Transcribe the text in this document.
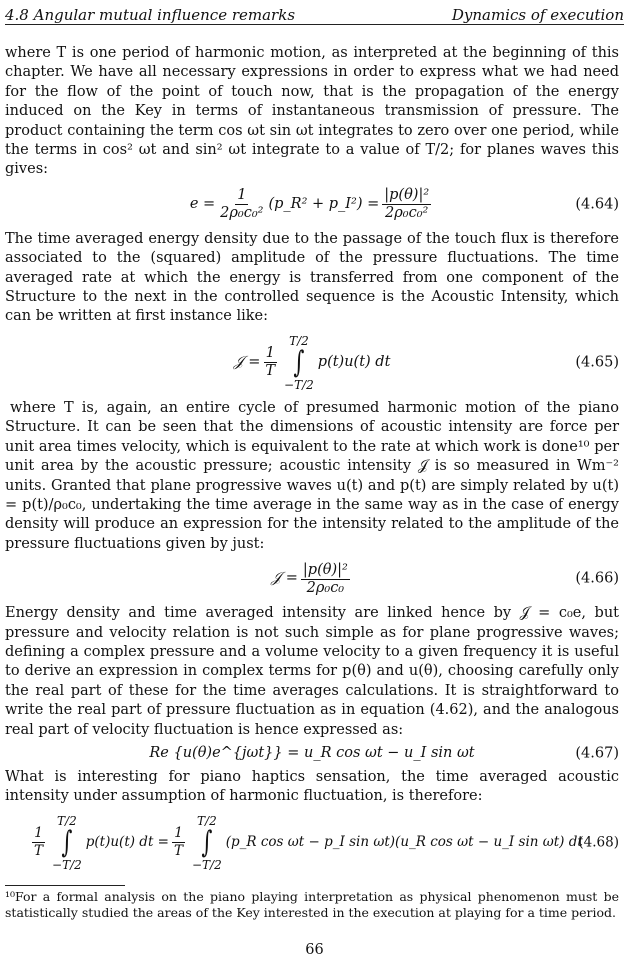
4.8 Angular mutual influence remarks	Dynamics of execution

where T is one period of harmonic motion, as interpreted at the beginning of this chapter. We have all necessary expressions in order to express what we had need for the flow of the point of touch now, that is the propagation of the energy induced on the Key in terms of instantaneous transmission of pressure. The product containing the term cos ωt sin ωt integrates to zero over one period, while the terms in cos² ωt and sin² ωt integrate to a value of T/2; for planes waves this gives:

$e = \frac{1}{\text{2ρ₀c₀²}}$ (p_R² + p_I²) = $\frac{\text{|p(θ)|²}}{\text{2ρ₀c₀²}}$	(4.64)

The time averaged energy density due to the passage of the touch flux is therefore associated to the (squared) amplitude of the pressure fluctuations. The time averaged rate at which the energy is transferred from one component of the Structure to the next in the controlled sequence is the Acoustic Intensity, which can be written at first instance like:

𝒥 = $\frac{1}{T}$
T/2
∫
−T/2
p(t)u(t) dt	(4.65)

where T is, again, an entire cycle of presumed harmonic motion of the piano Structure. It can be seen that the dimensions of acoustic intensity are force per unit area times velocity, which is equivalent to the rate at which work is done¹⁰ per unit area by the acoustic pressure; acoustic intensity 𝒥 is so measured in Wm⁻² units. Granted that plane progressive waves u(t) and p(t) are simply related by u(t) = p(t)/ρ₀c₀, undertaking the time average in the same way as in the case of energy density will produce an expression for the intensity related to the amplitude of the pressure fluctuations given by just:

𝒥 = $\frac{\text{|p(θ)|²}}{\text{2ρ₀c₀}}$	(4.66)

Energy density and time averaged intensity are linked hence by 𝒥 = c₀e, but pressure and velocity relation is not such simple as for plane progressive waves; defining a complex pressure and a volume velocity to a given frequency it is useful to derive an expression in complex terms for p(θ) and u(θ), choosing carefully only the real part of these for the time averages calculations. It is straightforward to write the real part of pressure fluctuation as in equation (4.62), and the analogous real part of velocity fluctuation is hence expressed as:

Re {u(θ)e^{jωt}} = u_R cos ωt − u_I sin ωt	(4.67)

What is interesting for piano haptics sensation, the time averaged acoustic intensity under assumption of harmonic fluctuation, is therefore:

$\frac{1}{T}$
T/2
∫
−T/2
p(t)u(t) dt = $\frac{1}{T}$
T/2
∫
−T/2
(p_R cos ωt − p_I sin ωt)(u_R cos ωt − u_I sin ωt) dt
(4.68)
¹⁰For a formal analysis on the piano playing interpretation as physical phenomenon must be statistically studied the areas of the Key interested in the execution at playing for a time period.
66
